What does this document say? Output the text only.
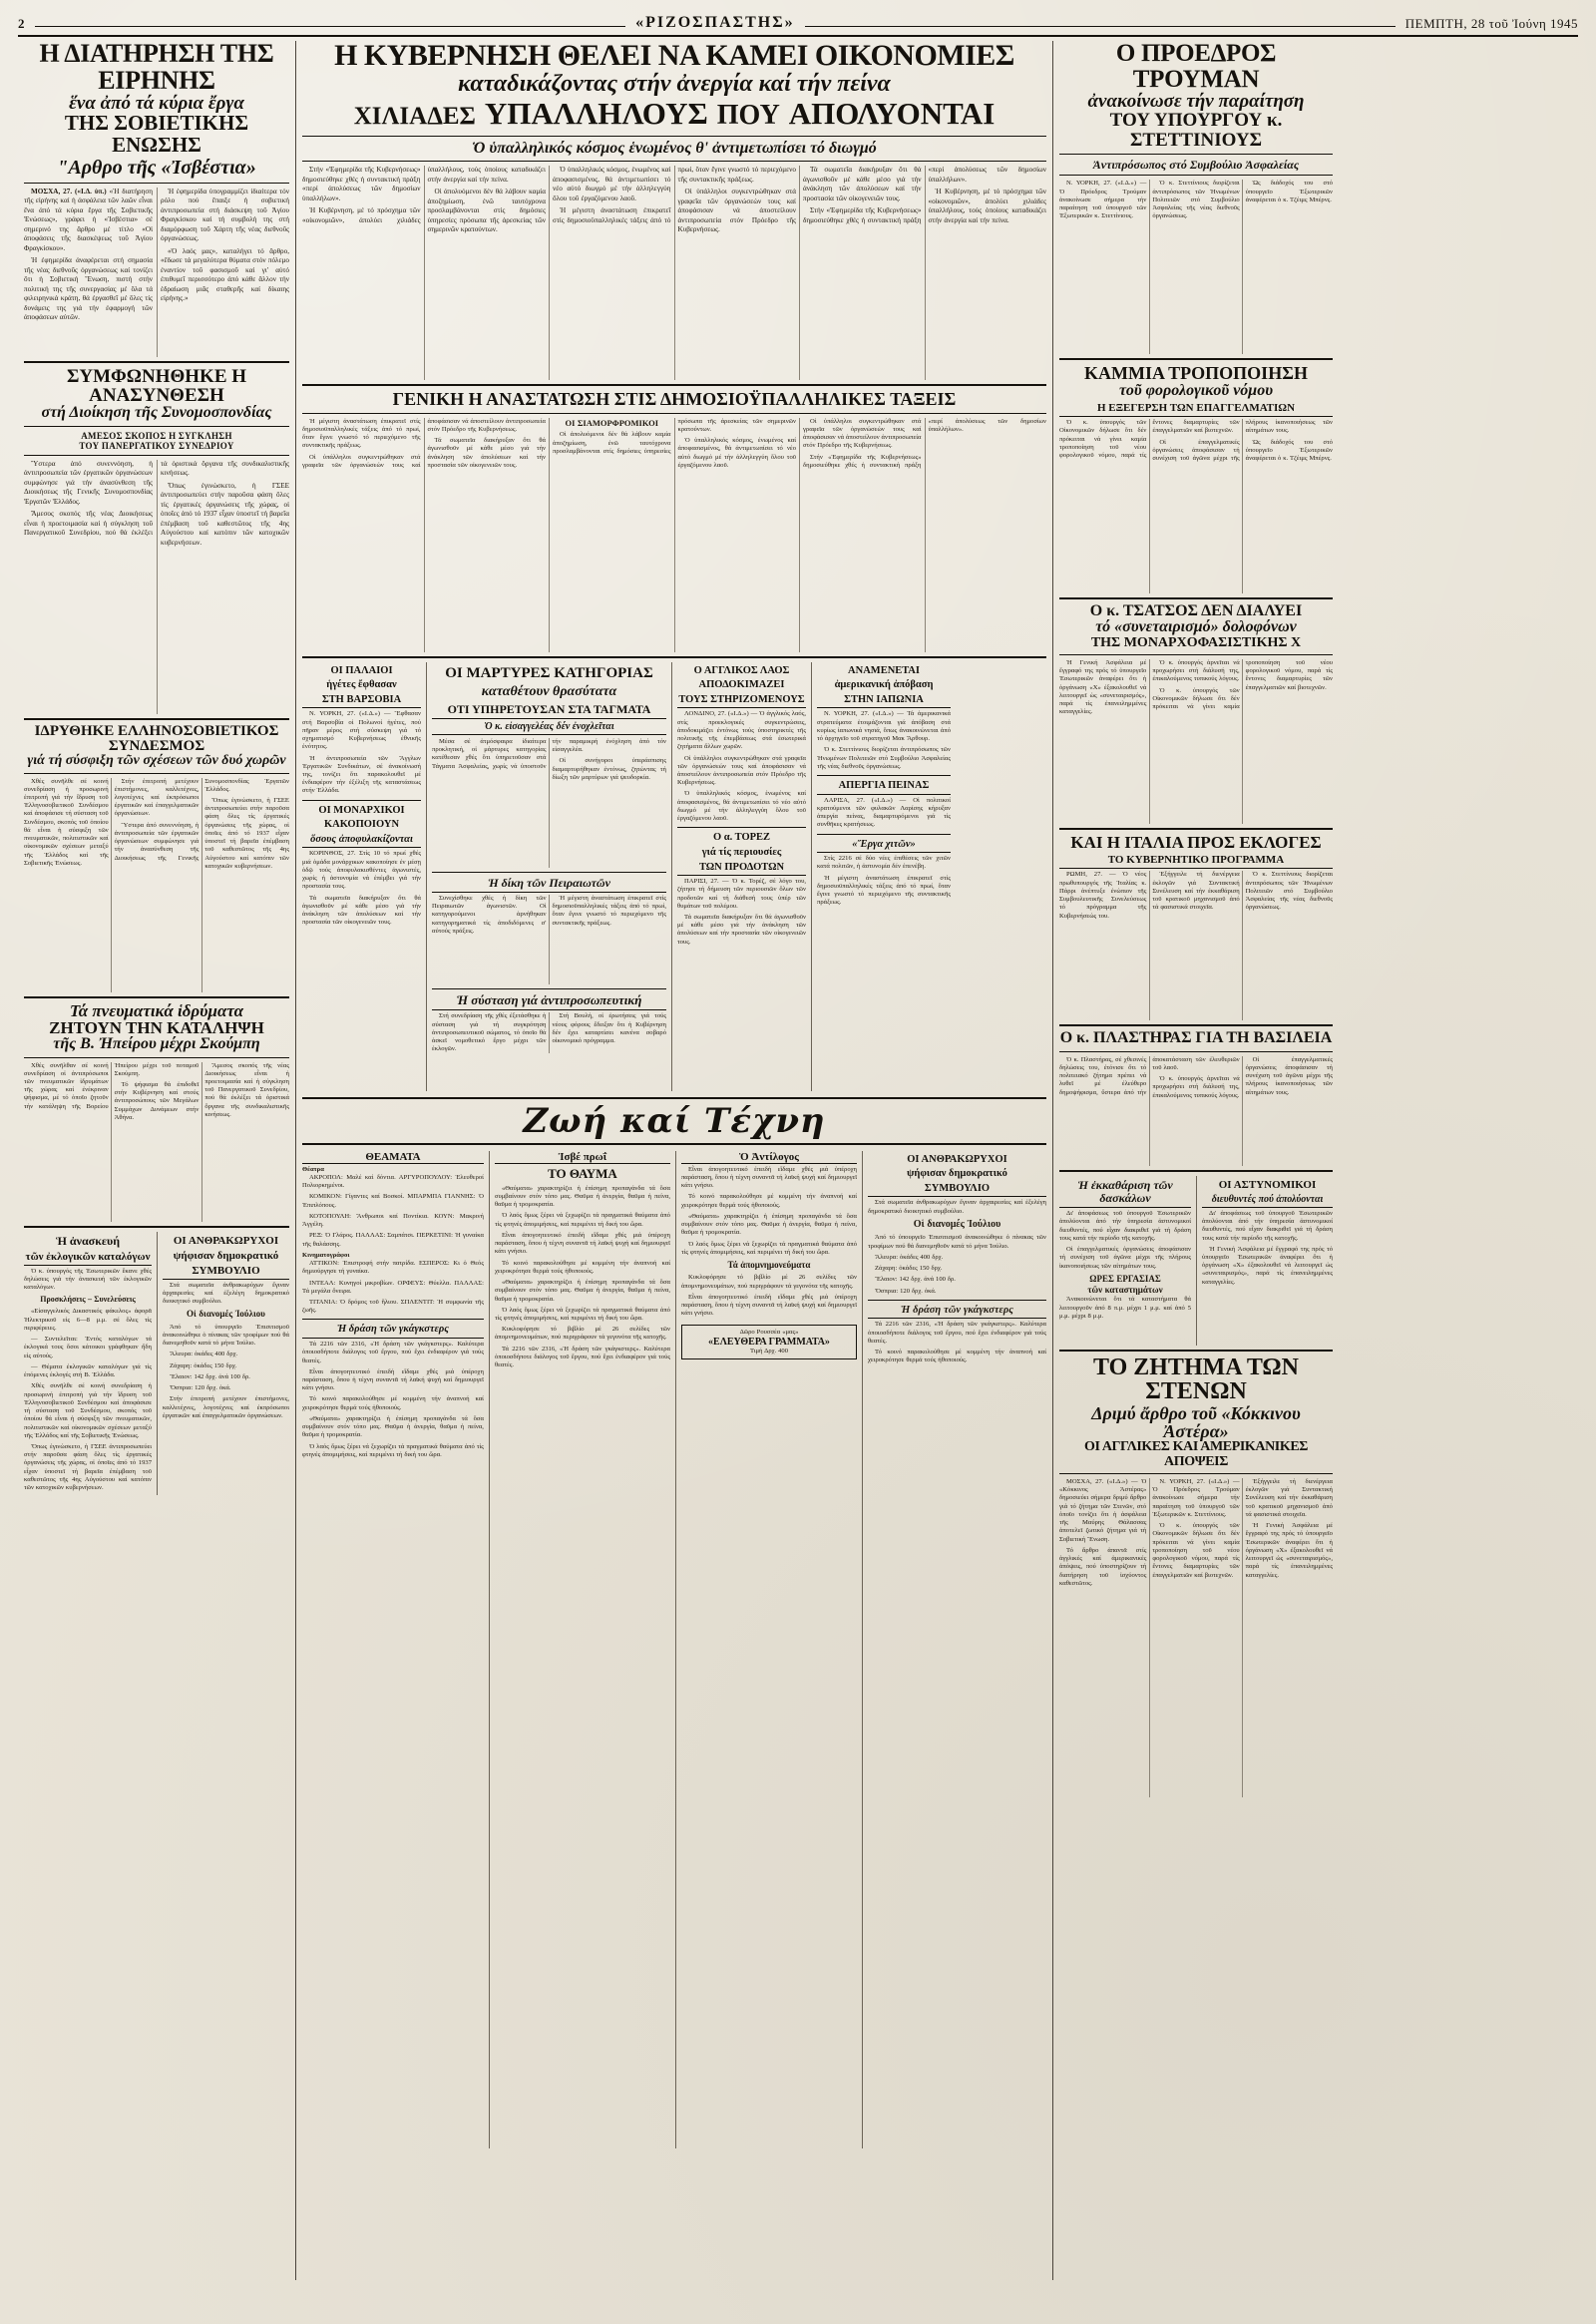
2	«ΡΙΖΟΣΠΑΣΤΗΣ»	ΠΕΜΠΤΗ, 28 τοῦ Ἰούνη 1945
Η ΔΙΑΤΗΡΗΣΗ ΤΗΣ ΕΙΡΗΝΗΣ
ἕνα ἀπό τά κύρια ἔργα
ΤΗΣ ΣΟΒΙΕΤΙΚΗΣ ΕΝΩΣΗΣ
"Αρθρο τῆς «Ἰσβέστια»

ΜΟΣΧΑ, 27. («Ι.Δ. ὑπ.) «Ἡ διατήρηση τῆς εἰρήνης καί ἡ ἀσφάλεια τῶν λαῶν εἶναι ἕνα ἀπό τά κύρια ἔργα τῆς Σοβιετικῆς Ἑνώσεως», γράφει ἡ «Ἰσβέστια» σέ σημερινό της ἄρθρο μέ τίτλο «Οἱ ἀποφάσεις τῆς διασκέψεως τοῦ Ἁγίου Φραγκίσκου».

Ἡ ἐφημερίδα ἀναφέρεται στή σημασία τῆς νέας διεθνοῦς ὀργανώσεως καί τονίζει ὅτι ἡ Σοβιετική Ἕνωση, πιστή στήν πολιτική της τῆς συνεργασίας μέ ὅλα τά φιλειρηνικά κράτη, θά ἐργασθεῖ μέ ὅλες τίς δυνάμεις της γιά τήν ἐφαρμογή τῶν ἀποφάσεων αὐτῶν.

Ἡ ἐφημερίδα ὑπογραμμίζει ἰδιαίτερα τόν ρόλο πού ἔπαιξε ἡ σοβιετική ἀντιπροσωπεία στή διάσκεψη τοῦ Ἁγίου Φραγκίσκου καί τή συμβολή της στή διαμόρφωση τοῦ Χάρτη τῆς νέας διεθνοῦς ὀργανώσεως.

«Ὁ λαός μας», καταλήγει τό ἄρθρο, «ἔδωσε τά μεγαλύτερα θύματα στόν πόλεμο ἐναντίον τοῦ φασισμοῦ καί γι' αὐτό ἐπιθυμεῖ περισσότερο ἀπό κάθε ἄλλον τήν ἑδραίωση μιᾶς σταθερῆς καί δίκαιης εἰρήνης.»

ΣΥΜΦΩΝΗΘΗΚΕ Η ΑΝΑΣΥΝΘΕΣΗ
στή Διοίκηση τῆς Συνομοσπονδίας
ΑΜΕΣΟΣ ΣΚΟΠΟΣ Η ΣΥΓΚΛΗΣΗ
ΤΟΥ ΠΑΝΕΡΓΑΤΙΚΟΥ ΣΥΝΕΔΡΙΟΥ

Ὕστερα ἀπό συνεννόηση, ἡ ἀντιπροσωπεία τῶν ἐργατικῶν ὀργανώσεων συμφώνησε γιά τήν ἀνασύνθεση τῆς Διοικήσεως τῆς Γενικῆς Συνομοσπονδίας Ἐργατῶν Ἑλλάδος.

Ἄμεσος σκοπός τῆς νέας Διοικήσεως εἶναι ἡ προετοιμασία καί ἡ σύγκληση τοῦ Πανεργατικοῦ Συνεδρίου, πού θά ἐκλέξει τά ὁριστικά ὄργανα τῆς συνδικαλιστικῆς κινήσεως.

Ὅπως ἐγινώσκετο, ἡ ΓΣΕΕ ἀντιπροσωπεύει στήν παροῦσα φάση ὅλες τίς ἐργατικές ὀργανώσεις τῆς χώρας, οἱ ὁποῖες ἀπό τό 1937 εἶχαν ὑποστεῖ τή βαρεῖα ἐπέμβαση τοῦ καθεστῶτος τῆς 4ης Αὐγούστου καί κατόπιν τῶν κατοχικῶν κυβερνήσεων.

ΙΔΡΥΘΗΚΕ ΕΛΛΗΝΟΣΟΒΙΕΤΙΚΟΣ ΣΥΝΔΕΣΜΟΣ
γιά τή σύσφιξη τῶν σχέσεων τῶν δυό χωρῶν

Χθές συνῆλθε σέ κοινή συνεδρίαση ἡ προσωρινή ἐπιτροπή γιά τήν ἵδρυση τοῦ Ἑλληνοσοβιετικοῦ Συνδέσμου καί ἀποφάσισε τή σύσταση τοῦ Συνδέσμου, σκοπός τοῦ ὁποίου θά εἶναι ἡ σύσφιξη τῶν πνευματικῶν, πολιτιστικῶν καί οἰκονομικῶν σχέσεων μεταξύ τῆς Ἑλλάδος καί τῆς Σοβιετικῆς Ἑνώσεως.

Στήν ἐπιτροπή μετέχουν ἐπιστήμονες, καλλιτέχνες, λογοτέχνες καί ἐκπρόσωποι ἐργατικῶν καί ἐπαγγελματικῶν ὀργανώσεων.

Ὕστερα ἀπό συνεννόηση, ἡ ἀντιπροσωπεία τῶν ἐργατικῶν ὀργανώσεων συμφώνησε γιά τήν ἀνασύνθεση τῆς Διοικήσεως τῆς Γενικῆς Συνομοσπονδίας Ἐργατῶν Ἑλλάδος.

Ὅπως ἐγινώσκετο, ἡ ΓΣΕΕ ἀντιπροσωπεύει στήν παροῦσα φάση ὅλες τίς ἐργατικές ὀργανώσεις τῆς χώρας, οἱ ὁποῖες ἀπό τό 1937 εἶχαν ὑποστεῖ τή βαρεῖα ἐπέμβαση τοῦ καθεστῶτος τῆς 4ης Αὐγούστου καί κατόπιν τῶν κατοχικῶν κυβερνήσεων.

Τά πνευματικά ἱδρύματα
ΖΗΤΟΥΝ ΤΗΝ ΚΑΤΑΛΗΨΗ
τῆς Β. Ἠπείρου μέχρι Σκούμπη

Χθές συνῆλθαν σέ κοινή συνεδρίαση οἱ ἀντιπρόσωποι τῶν πνευματικῶν ἱδρυμάτων τῆς χώρας καί ἐνέκριναν ψήφισμα, μέ τό ὁποῖο ζητοῦν τήν κατάληψη τῆς Βορείου Ἠπείρου μέχρι τοῦ ποταμοῦ Σκούμπη.

Τό ψήφισμα θά ἐπιδοθεῖ στήν Κυβέρνηση καί στούς ἀντιπροσώπους τῶν Μεγάλων Συμμάχων Δυνάμεων στήν Ἀθήνα.

Ἄμεσος σκοπός τῆς νέας Διοικήσεως εἶναι ἡ προετοιμασία καί ἡ σύγκληση τοῦ Πανεργατικοῦ Συνεδρίου, πού θά ἐκλέξει τά ὁριστικά ὄργανα τῆς συνδικαλιστικῆς κινήσεως.

Ἡ ἀνασκευή
τῶν ἐκλογικῶν καταλόγων

Ὁ κ. ὑπουργός τῆς Ἐσωτερικῶν ἔκανε χθές δηλώσεις γιά τήν ἀνασκευή τῶν ἐκλογικῶν καταλόγων.

Προσκλήσεις – Συνελεύσεις

«Εἰσαγγελικός Δικαστικός φάκελος» ἀφορᾶ Ἠλεκτρικοῦ εἰς 6—8 μ.μ. σέ ὅλες τίς περιφέρειες.

— Συντελεῖται: Ἐντός καταλόγων τά ἐκλογικά τους ὅσοι κάτοικοι γράφθηκαν ἤδη εἰς αὐτούς.

— Θέματα ἐκλογικῶν καταλόγων γιά τίς ἑπόμενες ἐκλογές στή Β. Ἑλλάδα.

Χθές συνῆλθε σέ κοινή συνεδρίαση ἡ προσωρινή ἐπιτροπή γιά τήν ἵδρυση τοῦ Ἑλληνοσοβιετικοῦ Συνδέσμου καί ἀποφάσισε τή σύσταση τοῦ Συνδέσμου, σκοπός τοῦ ὁποίου θά εἶναι ἡ σύσφιξη τῶν πνευματικῶν, πολιτιστικῶν καί οἰκονομικῶν σχέσεων μεταξύ τῆς Ἑλλάδος καί τῆς Σοβιετικῆς Ἑνώσεως.

Ὅπως ἐγινώσκετο, ἡ ΓΣΕΕ ἀντιπροσωπεύει στήν παροῦσα φάση ὅλες τίς ἐργατικές ὀργανώσεις τῆς χώρας, οἱ ὁποῖες ἀπό τό 1937 εἶχαν ὑποστεῖ τή βαρεῖα ἐπέμβαση τοῦ καθεστῶτος τῆς 4ης Αὐγούστου καί κατόπιν τῶν κατοχικῶν κυβερνήσεων.

ΟΙ ΑΝΘΡΑΚΩΡΥΧΟΙ
ψήφισαν δημοκρατικό
ΣΥΜΒΟΥΛΙΟ

Στά σωματεῖα ἀνθρακωρύχων ἔγιναν ἀρχαιρεσίες καί ἐξελέγη δημοκρατικό διοικητικό συμβούλιο.

Οἱ διανομές Ἰούλιου

Ἀπό τό ὑπουργεῖο Ἐπισιτισμοῦ ἀνακοινώθηκε ὁ πίνακας τῶν τροφίμων πού θά διανεμηθοῦν κατά τό μήνα Ἰούλιο.

Ἄλευρα: ὀκάδες 400 δρχ.

Ζάχαρη: ὀκάδες 150 δρχ.

Ἔλαιον: 142 δρχ. ἀνά 100 δρ.

Ὄσπρια: 120 δρχ. ὀκά.

Στήν ἐπιτροπή μετέχουν ἐπιστήμονες, καλλιτέχνες, λογοτέχνες καί ἐκπρόσωποι ἐργατικῶν καί ἐπαγγελματικῶν ὀργανώσεων.

Η ΚΥΒΕΡΝΗΣΗ ΘΕΛΕΙ ΝΑ ΚΑΜΕΙ ΟΙΚΟΝΟΜΙΕΣ
καταδικάζοντας στήν ἀνεργία καί τήν πείνα
ΧΙΛΙΑΔΕΣ ΥΠΑΛΛΗΛΟΥΣ ΠΟΥ ΑΠΟΛΥΟΝΤΑΙ
Ὁ ὑπαλληλικός κόσμος ἑνωμένος θ' ἀντιμετωπίσει τό διωγμό

Στήν «Ἐφημερίδα τῆς Κυβερνήσεως» δημοσιεύθηκε χθές ἡ συντακτική πράξη «περί ἀπολύσεως τῶν δημοσίων ὑπαλλήλων».

Ἡ Κυβέρνηση, μέ τό πρόσχημα τῶν «οἰκονομιῶν», ἀπολύει χιλιάδες ὑπαλλήλους, τούς ὁποίους καταδικάζει στήν ἀνεργία καί τήν πείνα.

Οἱ ἀπολυόμενοι δέν θά λάβουν καμία ἀποζημίωση, ἐνῶ ταυτόχρονα προσλαμβάνονται στίς δημόσιες ὑπηρεσίες πρόσωπα τῆς ἀρεσκείας τῶν σημερινῶν κρατούντων.

Ὁ ὑπαλληλικός κόσμος, ἑνωμένος καί ἀποφασισμένος, θά ἀντιμετωπίσει τό νέο αὐτό διωγμό μέ τήν ἀλληλεγγύη ὅλου τοῦ ἐργαζόμενου λαοῦ.

Ἡ μέγιστη ἀναστάτωση ἐπικρατεῖ στίς δημοσιοϋπαλληλικές τάξεις ἀπό τό πρωί, ὅταν ἔγινε γνωστό τό περιεχόμενο τῆς συντακτικῆς πράξεως.

Οἱ ὑπάλληλοι συγκεντρώθηκαν στά γραφεῖα τῶν ὀργανώσεών τους καί ἀποφάσισαν νά ἀποστείλουν ἀντιπροσωπεία στόν Πρόεδρο τῆς Κυβερνήσεως.

Τά σωματεῖα διακήρυξαν ὅτι θά ἀγωνισθοῦν μέ κάθε μέσο γιά τήν ἀνάκληση τῶν ἀπολύσεων καί τήν προστασία τῶν οἰκογενειῶν τους.

Στήν «Ἐφημερίδα τῆς Κυβερνήσεως» δημοσιεύθηκε χθές ἡ συντακτική πράξη «περί ἀπολύσεως τῶν δημοσίων ὑπαλλήλων».

Ἡ Κυβέρνηση, μέ τό πρόσχημα τῶν «οἰκονομιῶν», ἀπολύει χιλιάδες ὑπαλλήλους, τούς ὁποίους καταδικάζει στήν ἀνεργία καί τήν πείνα.

ΓΕΝΙΚΗ Η ΑΝΑΣΤΑΤΩΣΗ ΣΤΙΣ ΔΗΜΟΣΙΟΫΠΑΛΛΗΛΙΚΕΣ ΤΑΞΕΙΣ

Ἡ μέγιστη ἀναστάτωση ἐπικρατεῖ στίς δημοσιοϋπαλληλικές τάξεις ἀπό τό πρωί, ὅταν ἔγινε γνωστό τό περιεχόμενο τῆς συντακτικῆς πράξεως.

Οἱ ὑπάλληλοι συγκεντρώθηκαν στά γραφεῖα τῶν ὀργανώσεών τους καί ἀποφάσισαν νά ἀποστείλουν ἀντιπροσωπεία στόν Πρόεδρο τῆς Κυβερνήσεως.

Τά σωματεῖα διακήρυξαν ὅτι θά ἀγωνισθοῦν μέ κάθε μέσο γιά τήν ἀνάκληση τῶν ἀπολύσεων καί τήν προστασία τῶν οἰκογενειῶν τους.

ΟΙ ΣΙΑΜΟΡΦΡΟΜΙΚΟΙ

Οἱ ἀπολυόμενοι δέν θά λάβουν καμία ἀποζημίωση, ἐνῶ ταυτόχρονα προσλαμβάνονται στίς δημόσιες ὑπηρεσίες πρόσωπα τῆς ἀρεσκείας τῶν σημερινῶν κρατούντων.

Ὁ ὑπαλληλικός κόσμος, ἑνωμένος καί ἀποφασισμένος, θά ἀντιμετωπίσει τό νέο αὐτό διωγμό μέ τήν ἀλληλεγγύη ὅλου τοῦ ἐργαζόμενου λαοῦ.

Οἱ ὑπάλληλοι συγκεντρώθηκαν στά γραφεῖα τῶν ὀργανώσεών τους καί ἀποφάσισαν νά ἀποστείλουν ἀντιπροσωπεία στόν Πρόεδρο τῆς Κυβερνήσεως.

Στήν «Ἐφημερίδα τῆς Κυβερνήσεως» δημοσιεύθηκε χθές ἡ συντακτική πράξη «περί ἀπολύσεως τῶν δημοσίων ὑπαλλήλων».

ΟΙ ΠΑΛΑΙΟΙ
ἡγέτες ἔφθασαν
ΣΤΗ ΒΑΡΣΟΒΙΑ

Ν. ΥΟΡΚΗ, 27. («Ι.Δ.») — Ἔφθασαν στή Βαρσοβία οἱ Πολωνοί ἡγέτες, πού πῆραν μέρος στή σύσκεψη γιά τό σχηματισμό Κυβερνήσεως ἐθνικῆς ἑνότητος.

Ἡ ἀντιπροσωπεία τῶν Ἄγγλων Ἐργατικῶν Συνδικάτων, σέ ἀνακοίνωσή της, τονίζει ὅτι παρακολουθεῖ μέ ἐνδιαφέρον τήν ἐξέλιξη τῆς καταστάσεως στήν Ἑλλάδα.

ΟΙ ΜΟΝΑΡΧΙΚΟΙ
ΚΑΚΟΠΟΙΟΥΝ
ὅσους ἀποφυλακίζονται

ΚΟΡΙΝΘΟΣ, 27. Στίς 10 τό πρωί χθές μιά ὁμάδα μονάρχικων κακοποίησε ἐν μέσῃ ὁδῷ τούς ἀποφυλακισθέντες ἀγωνιστές, χωρίς ἡ ἀστυνομία νά ἐπέμβει γιά τήν προστασία τους.

Τά σωματεῖα διακήρυξαν ὅτι θά ἀγωνισθοῦν μέ κάθε μέσο γιά τήν ἀνάκληση τῶν ἀπολύσεων καί τήν προστασία τῶν οἰκογενειῶν τους.

ΟΙ ΜΑΡΤΥΡΕΣ ΚΑΤΗΓΟΡΙΑΣ
καταθέτουν θρασύτατα
ΟΤΙ ΥΠΗΡΕΤΟΥΣΑΝ ΣΤΑ ΤΑΓΜΑΤΑ
Ὁ κ. εἰσαγγελέας δέν ἐνοχλεῖται

Μέσα σέ ἀτμόσφαιρα ἰδιαίτερα προκλητική, οἱ μάρτυρες κατηγορίας κατέθεσαν χθές ὅτι ὑπηρετοῦσαν στά Τάγματα Ἀσφαλείας, χωρίς νά ὑποστοῦν τήν παραμικρή ἐνόχληση ἀπό τόν εἰσαγγελέα.

Οἱ συνήγοροι ὑπεράσπισης διαμαρτυρήθηκαν ἐντόνως, ζητώντας τή δίωξη τῶν μαρτύρων γιά ψευδορκία.

Ἡ δίκη τῶν Πειραιωτῶν

Συνεχίσθηκε χθές ἡ δίκη τῶν Πειραιωτῶν ἀγωνιστῶν. Οἱ κατηγορούμενοι ἀρνήθηκαν κατηγορηματικά τίς ἀποδιδόμενες σ' αὐτούς πράξεις.

Ἡ μέγιστη ἀναστάτωση ἐπικρατεῖ στίς δημοσιοϋπαλληλικές τάξεις ἀπό τό πρωί, ὅταν ἔγινε γνωστό τό περιεχόμενο τῆς συντακτικῆς πράξεως.

Ἡ σύσταση γιά ἀντιπροσωπευτική

Στή συνεδρίαση τῆς χθές ἐξετάσθηκε ἡ σύσταση γιά τή συγκρότηση ἀντιπροσωπευτικοῦ σώματος, τό ὁποῖο θά ἀσκεῖ νομοθετικό ἔργο μέχρι τῶν ἐκλογῶν.

Στή Βουλή, οἱ ἐρωτήσεις γιά τούς νέους φόρους ἔδειξαν ὅτι ἡ Κυβέρνηση δέν ἔχει καταρτίσει κανένα σοβαρό οἰκονομικό πρόγραμμα.

Ο ΑΓΓΛΙΚΟΣ ΛΑΟΣ
ΑΠΟΔΟΚΙΜΑΖΕΙ
ΤΟΥΣ ΣΤΗΡΙΖΟΜΕΝΟΥΣ

ΛΟΝΔΙΝΟ, 27. («Ι.Δ.») — Ὁ ἀγγλικός λαός, στίς προεκλογικές συγκεντρώσεις, ἀποδοκιμάζει ἐντόνως τούς ὑποστηρικτές τῆς πολιτικῆς τῆς ἐπεμβάσεως στά ἐσωτερικά ζητήματα ἄλλων χωρῶν.

Οἱ ὑπάλληλοι συγκεντρώθηκαν στά γραφεῖα τῶν ὀργανώσεών τους καί ἀποφάσισαν νά ἀποστείλουν ἀντιπροσωπεία στόν Πρόεδρο τῆς Κυβερνήσεως.

Ὁ ὑπαλληλικός κόσμος, ἑνωμένος καί ἀποφασισμένος, θά ἀντιμετωπίσει τό νέο αὐτό διωγμό μέ τήν ἀλληλεγγύη ὅλου τοῦ ἐργαζόμενου λαοῦ.

Ο α. ΤΟΡΕΖ
γιά τίς περιουσίες
ΤΩΝ ΠΡΟΔΟΤΩΝ

ΠΑΡΙΣΙ, 27. — Ὁ κ. Τορέζ, σέ λόγο του, ζήτησε τή δήμευση τῶν περιουσιῶν ὅλων τῶν προδοτῶν καί τή διάθεσή τους ὑπέρ τῶν θυμάτων τοῦ πολέμου.

Τά σωματεῖα διακήρυξαν ὅτι θά ἀγωνισθοῦν μέ κάθε μέσο γιά τήν ἀνάκληση τῶν ἀπολύσεων καί τήν προστασία τῶν οἰκογενειῶν τους.

ΑΝΑΜΕΝΕΤΑΙ
ἀμερικανική ἀπόβαση
ΣΤΗΝ ΙΑΠΩΝΙΑ

Ν. ΥΟΡΚΗ, 27. («Ι.Δ.») — Τά ἀμερικανικά στρατεύματα ἑτοιμάζονται γιά ἀπόβαση στά κυρίως ἰαπωνικά νησιά, ὅπως ἀνακοινώνεται ἀπό τό ἀρχηγεῖο τοῦ στρατηγοῦ Μακ Ἄρθουρ.

Ὁ κ. Στεττίνιους διορίζεται ἀντιπρόσωπος τῶν Ἡνωμένων Πολιτειῶν στό Συμβούλιο Ἀσφαλείας τῆς νέας διεθνοῦς ὀργανώσεως.

ΑΠΕΡΓΙΑ ΠΕΙΝΑΣ

ΛΑΡΙΣΑ, 27. («Ι.Δ.») — Οἱ πολιτικοί κρατούμενοι τῶν φυλακῶν Λαρίσης κήρυξαν ἀπεργία πείνας, διαμαρτυρόμενοι γιά τίς συνθῆκες κρατήσεως.

«Ἔργα χιτῶν»

Στίς 2216 σέ δύο νέες ἐπιθέσεις τῶν χιτῶν κατά πολιτῶν, ἡ ἀστυνομία δέν ἐπενέβη.

Ἡ μέγιστη ἀναστάτωση ἐπικρατεῖ στίς δημοσιοϋπαλληλικές τάξεις ἀπό τό πρωί, ὅταν ἔγινε γνωστό τό περιεχόμενο τῆς συντακτικῆς πράξεως.

Ζωή καί Τέχνη
ΘΕΑΜΑΤΑ
Θέατρα

ΑΚΡΟΠΟΛ: Μαλέ καί δόντια. ΑΡΓΥΡΟΠΟΥΛΟΥ: Ἐλευθεροί Πολιορκημένοι.

ΚΟΜΙΚΟΝ: Γίγαντες καί Βοσκοί. ΜΠΑΡΜΠΑ ΓΙΑΝΝΗΣ: Ὁ Ἐπιπλόπους.

ΚΟΤΟΠΟΥΛΗ: Ἄνθρωποι καί Ποντίκια. ΚΟΥΝ: Μακρινή Ἀγγέλη.

ΡΕΞ: Ὁ Γλάρος. ΠΑΛΛΑΣ: Σαμπάτσι. ΠΕΡΚΕΤΙΝΙ: Ἡ γυναίκα τῆς θαλάσσης.

Κινηματογράφοι

ΑΤΤΙΚΟΝ: Ἐπιστροφή στήν πατρίδα. ΕΣΠΕΡΟΣ: Κι ὁ Θεός δημιούργησε τή γυναίκα.

ΙΝΤΕΑΛ: Κυνηγοί μικροβίων. ΟΡΦΕΥΣ: Θύελλα. ΠΑΛΛΑΣ: Τά μεγάλα ὄνειρα.

ΤΙΤΑΝΙΑ: Ὁ δρόμος τοῦ ἥλιου. ΣΠΛΕΝΤΙΤ: Ἡ συμφωνία τῆς ζωῆς.

Ἡ δράση τῶν γκάγκστερς

Τά 2216 τῶν 2316, «Ἡ δράση τῶν γκάγκστερς». Καλύτερα ὁποιοσδήποτε διάλογος τοῦ ἔργου, πού ἔχει ἐνδιαφέρον γιά τούς θεατές.

Εἶναι ἀπογοητευτικό ἐπειδή εἴδαμε χθές μιά ὑπέροχη παράσταση, ὅπου ἡ τέχνη συναντᾶ τή λαϊκή ψυχή καί δημιουργεῖ κάτι γνήσιο.

Τό κοινό παρακολούθησε μέ κομμένη τήν ἀναπνοή καί χειροκρότησε θερμά τούς ἠθοποιούς.

«Θαύματα» χαρακτηρίζει ἡ ἐπίσημη προπαγάνδα τά ὅσα συμβαίνουν στόν τόπο μας. Θαῦμα ἡ ἀνεργία, θαῦμα ἡ πείνα, θαῦμα ἡ τρομοκρατία.

Ὁ λαός ὅμως ξέρει νά ξεχωρίζει τά πραγματικά θαύματα ἀπό τίς φτηνές ἀπομιμήσεις, καί περιμένει τή δική του ὥρα.

Ἰσβέ πρωΐ
ΤΟ ΘΑΥΜΑ

«Θαύματα» χαρακτηρίζει ἡ ἐπίσημη προπαγάνδα τά ὅσα συμβαίνουν στόν τόπο μας. Θαῦμα ἡ ἀνεργία, θαῦμα ἡ πείνα, θαῦμα ἡ τρομοκρατία.

Ὁ λαός ὅμως ξέρει νά ξεχωρίζει τά πραγματικά θαύματα ἀπό τίς φτηνές ἀπομιμήσεις, καί περιμένει τή δική του ὥρα.

Εἶναι ἀπογοητευτικό ἐπειδή εἴδαμε χθές μιά ὑπέροχη παράσταση, ὅπου ἡ τέχνη συναντᾶ τή λαϊκή ψυχή καί δημιουργεῖ κάτι γνήσιο.

Τό κοινό παρακολούθησε μέ κομμένη τήν ἀναπνοή καί χειροκρότησε θερμά τούς ἠθοποιούς.

«Θαύματα» χαρακτηρίζει ἡ ἐπίσημη προπαγάνδα τά ὅσα συμβαίνουν στόν τόπο μας. Θαῦμα ἡ ἀνεργία, θαῦμα ἡ πείνα, θαῦμα ἡ τρομοκρατία.

Ὁ λαός ὅμως ξέρει νά ξεχωρίζει τά πραγματικά θαύματα ἀπό τίς φτηνές ἀπομιμήσεις, καί περιμένει τή δική του ὥρα.

Κυκλοφόρησε τό βιβλίο μέ 26 σελίδες τῶν ἀπομνημονευμάτων, πού περιγράφουν τά γεγονότα τῆς κατοχῆς.

Τά 2216 τῶν 2316, «Ἡ δράση τῶν γκάγκστερς». Καλύτερα ὁποιοσδήποτε διάλογος τοῦ ἔργου, πού ἔχει ἐνδιαφέρον γιά τούς θεατές.

Ὁ Ἀντίλογος

Εἶναι ἀπογοητευτικό ἐπειδή εἴδαμε χθές μιά ὑπέροχη παράσταση, ὅπου ἡ τέχνη συναντᾶ τή λαϊκή ψυχή καί δημιουργεῖ κάτι γνήσιο.

Τό κοινό παρακολούθησε μέ κομμένη τήν ἀναπνοή καί χειροκρότησε θερμά τούς ἠθοποιούς.

«Θαύματα» χαρακτηρίζει ἡ ἐπίσημη προπαγάνδα τά ὅσα συμβαίνουν στόν τόπο μας. Θαῦμα ἡ ἀνεργία, θαῦμα ἡ πείνα, θαῦμα ἡ τρομοκρατία.

Ὁ λαός ὅμως ξέρει νά ξεχωρίζει τά πραγματικά θαύματα ἀπό τίς φτηνές ἀπομιμήσεις, καί περιμένει τή δική του ὥρα.

Τά ἀπομνημονεύματα

Κυκλοφόρησε τό βιβλίο μέ 26 σελίδες τῶν ἀπομνημονευμάτων, πού περιγράφουν τά γεγονότα τῆς κατοχῆς.

Εἶναι ἀπογοητευτικό ἐπειδή εἴδαμε χθές μιά ὑπέροχη παράσταση, ὅπου ἡ τέχνη συναντᾶ τή λαϊκή ψυχή καί δημιουργεῖ κάτι γνήσιο.

Δῶρο Ρουσσέα «μας»
«ΕΛΕΥΘΕΡΑ ΓΡΑΜΜΑΤΑ»
Τιμή Δρχ. 400
ΟΙ ΑΝΘΡΑΚΩΡΥΧΟΙ
ψήφισαν δημοκρατικό
ΣΥΜΒΟΥΛΙΟ

Στά σωματεῖα ἀνθρακωρύχων ἔγιναν ἀρχαιρεσίες καί ἐξελέγη δημοκρατικό διοικητικό συμβούλιο.

Οἱ διανομές Ἰούλιου

Ἀπό τό ὑπουργεῖο Ἐπισιτισμοῦ ἀνακοινώθηκε ὁ πίνακας τῶν τροφίμων πού θά διανεμηθοῦν κατά τό μήνα Ἰούλιο.

Ἄλευρα: ὀκάδες 400 δρχ.

Ζάχαρη: ὀκάδες 150 δρχ.

Ἔλαιον: 142 δρχ. ἀνά 100 δρ.

Ὄσπρια: 120 δρχ. ὀκά.

Ἡ δράση τῶν γκάγκστερς

Τά 2216 τῶν 2316, «Ἡ δράση τῶν γκάγκστερς». Καλύτερα ὁποιοσδήποτε διάλογος τοῦ ἔργου, πού ἔχει ἐνδιαφέρον γιά τούς θεατές.

Τό κοινό παρακολούθησε μέ κομμένη τήν ἀναπνοή καί χειροκρότησε θερμά τούς ἠθοποιούς.

Ο ΠΡΟΕΔΡΟΣ ΤΡΟΥΜΑΝ
ἀνακοίνωσε τήν παραίτηση
ΤΟΥ ΥΠΟΥΡΓΟΥ κ. ΣΤΕΤΤΙΝΙΟΥΣ
Ἀντιπρόσωπος στό Συμβούλιο Ἀσφαλείας

Ν. ΥΟΡΚΗ, 27. («Ι.Δ.») — Ὁ Πρόεδρος Τρούμαν ἀνακοίνωσε σήμερα τήν παραίτηση τοῦ ὑπουργοῦ τῶν Ἐξωτερικῶν κ. Στεττίνιους.

Ὁ κ. Στεττίνιους διορίζεται ἀντιπρόσωπος τῶν Ἡνωμένων Πολιτειῶν στό Συμβούλιο Ἀσφαλείας τῆς νέας διεθνοῦς ὀργανώσεως.

Ὡς διάδοχός του στό ὑπουργεῖο Ἐξωτερικῶν ἀναφέρεται ὁ κ. Τζέιμς Μπέρνς.

ΚΑΜΜΙΑ ΤΡΟΠΟΠΟΙΗΣΗ
τοῦ φορολογικοῦ νόμου
Η ΕΞΕΓΕΡΣΗ ΤΩΝ ΕΠΑΓΓΕΛΜΑΤΙΩΝ

Ὁ κ. ὑπουργός τῶν Οἰκονομικῶν δήλωσε ὅτι δέν πρόκειται νά γίνει καμία τροποποίηση τοῦ νέου φορολογικοῦ νόμου, παρά τίς ἔντονες διαμαρτυρίες τῶν ἐπαγγελματιῶν καί βιοτεχνῶν.

Οἱ ἐπαγγελματικές ὀργανώσεις ἀποφάσισαν τή συνέχιση τοῦ ἀγῶνα μέχρι τῆς πλήρους ἱκανοποιήσεως τῶν αἰτημάτων τους.

Ὡς διάδοχός του στό ὑπουργεῖο Ἐξωτερικῶν ἀναφέρεται ὁ κ. Τζέιμς Μπέρνς.

Ο κ. ΤΣΑΤΣΟΣ ΔΕΝ ΔΙΑΛΥΕΙ
τό «συνεταιρισμό» δολοφόνων
ΤΗΣ ΜΟΝΑΡΧΟΦΑΣΙΣΤΙΚΗΣ Χ

Ἡ Γενική Ἀσφάλεια μέ ἔγγραφό της πρός τό ὑπουργεῖο Ἐσωτερικῶν ἀναφέρει ὅτι ἡ ὀργάνωση «Χ» ἐξακολουθεῖ νά λειτουργεῖ ὡς «συνεταιρισμός», παρά τίς ἐπανειλημμένες καταγγελίες.

Ὁ κ. ὑπουργός ἀρνεῖται νά προχωρήσει στή διάλυσή της, ἐπικαλούμενος τυπικούς λόγους.

Ὁ κ. ὑπουργός τῶν Οἰκονομικῶν δήλωσε ὅτι δέν πρόκειται νά γίνει καμία τροποποίηση τοῦ νέου φορολογικοῦ νόμου, παρά τίς ἔντονες διαμαρτυρίες τῶν ἐπαγγελματιῶν καί βιοτεχνῶν.

ΚΑΙ Η ΙΤΑΛΙΑ ΠΡΟΣ ΕΚΛΟΓΕΣ
ΤΟ ΚΥΒΕΡΝΗΤΙΚΟ ΠΡΟΓΡΑΜΜΑ

ΡΩΜΗ, 27. — Ὁ νέος πρωθυπουργός τῆς Ἰταλίας κ. Πάρρι ἀνέπτυξε ἐνώπιον τῆς Συμβουλευτικῆς Συνελεύσεως τό πρόγραμμα τῆς Κυβερνήσεώς του.

Ἐξήγγειλε τή διενέργεια ἐκλογῶν γιά Συντακτική Συνέλευση καί τήν ἐκκαθάριση τοῦ κρατικοῦ μηχανισμοῦ ἀπό τά φασιστικά στοιχεῖα.

Ὁ κ. Στεττίνιους διορίζεται ἀντιπρόσωπος τῶν Ἡνωμένων Πολιτειῶν στό Συμβούλιο Ἀσφαλείας τῆς νέας διεθνοῦς ὀργανώσεως.

Ο κ. ΠΛΑΣΤΗΡΑΣ ΓΙΑ ΤΗ ΒΑΣΙΛΕΙΑ

Ὁ κ. Πλαστήρας, σέ χθεσινές δηλώσεις του, ἐτόνισε ὅτι τό πολιτειακό ζήτημα πρέπει νά λυθεῖ μέ ἐλεύθερο δημοψήφισμα, ὕστερα ἀπό τήν ἀποκατάσταση τῶν ἐλευθεριῶν τοῦ λαοῦ.

Ὁ κ. ὑπουργός ἀρνεῖται νά προχωρήσει στή διάλυσή της, ἐπικαλούμενος τυπικούς λόγους.

Οἱ ἐπαγγελματικές ὀργανώσεις ἀποφάσισαν τή συνέχιση τοῦ ἀγῶνα μέχρι τῆς πλήρους ἱκανοποιήσεως τῶν αἰτημάτων τους.

Ἡ ἐκκαθάριση τῶν δασκάλων

Δι' ἀποφάσεως τοῦ ὑπουργοῦ Ἐσωτερικῶν ἀπολύονται ἀπό τήν ὑπηρεσία ἀστυνομικοί διευθυντές, πού εἶχαν διακριθεῖ γιά τή δράση τους κατά τήν περίοδο τῆς κατοχῆς.

Οἱ ἐπαγγελματικές ὀργανώσεις ἀποφάσισαν τή συνέχιση τοῦ ἀγῶνα μέχρι τῆς πλήρους ἱκανοποιήσεως τῶν αἰτημάτων τους.

ΩΡΕΣ ΕΡΓΑΣΙΑΣ
τῶν καταστημάτων

Ἀνακοινώνεται ὅτι τά καταστήματα θά λειτουργοῦν ἀπό 8 π.μ. μέχρι 1 μ.μ. καί ἀπό 5 μ.μ. μέχρι 8 μ.μ.

ΟΙ ΑΣΤΥΝΟΜΙΚΟΙ
διευθυντές πού ἀπολύονται

Δι' ἀποφάσεως τοῦ ὑπουργοῦ Ἐσωτερικῶν ἀπολύονται ἀπό τήν ὑπηρεσία ἀστυνομικοί διευθυντές, πού εἶχαν διακριθεῖ γιά τή δράση τους κατά τήν περίοδο τῆς κατοχῆς.

Ἡ Γενική Ἀσφάλεια μέ ἔγγραφό της πρός τό ὑπουργεῖο Ἐσωτερικῶν ἀναφέρει ὅτι ἡ ὀργάνωση «Χ» ἐξακολουθεῖ νά λειτουργεῖ ὡς «συνεταιρισμός», παρά τίς ἐπανειλημμένες καταγγελίες.

ΤΟ ΖΗΤΗΜΑ ΤΩΝ ΣΤΕΝΩΝ
Δριμύ ἄρθρο τοῦ «Κόκκινου Ἀστέρα»
ΟΙ ΑΓΓΛΙΚΕΣ ΚΑΙ ΑΜΕΡΙΚΑΝΙΚΕΣ ΑΠΟΨΕΙΣ

ΜΟΣΧΑ, 27. («Ι.Δ.») — Ὁ «Κόκκινος Ἀστέρας» δημοσιεύει σήμερα δριμύ ἄρθρο γιά τό ζήτημα τῶν Στενῶν, στό ὁποῖο τονίζει ὅτι ἡ ἀσφάλεια τῆς Μαύρης Θάλασσας ἀποτελεῖ ζωτικό ζήτημα γιά τή Σοβιετική Ἕνωση.

Τό ἄρθρο ἀπαντᾶ στίς ἀγγλικές καί ἀμερικανικές ἀπόψεις, πού ὑποστηρίζουν τή διατήρηση τοῦ ἰσχύοντος καθεστῶτος.

Ν. ΥΟΡΚΗ, 27. («Ι.Δ.») — Ὁ Πρόεδρος Τρούμαν ἀνακοίνωσε σήμερα τήν παραίτηση τοῦ ὑπουργοῦ τῶν Ἐξωτερικῶν κ. Στεττίνιους.

Ὁ κ. ὑπουργός τῶν Οἰκονομικῶν δήλωσε ὅτι δέν πρόκειται νά γίνει καμία τροποποίηση τοῦ νέου φορολογικοῦ νόμου, παρά τίς ἔντονες διαμαρτυρίες τῶν ἐπαγγελματιῶν καί βιοτεχνῶν.

Ἐξήγγειλε τή διενέργεια ἐκλογῶν γιά Συντακτική Συνέλευση καί τήν ἐκκαθάριση τοῦ κρατικοῦ μηχανισμοῦ ἀπό τά φασιστικά στοιχεῖα.

Ἡ Γενική Ἀσφάλεια μέ ἔγγραφό της πρός τό ὑπουργεῖο Ἐσωτερικῶν ἀναφέρει ὅτι ἡ ὀργάνωση «Χ» ἐξακολουθεῖ νά λειτουργεῖ ὡς «συνεταιρισμός», παρά τίς ἐπανειλημμένες καταγγελίες.
